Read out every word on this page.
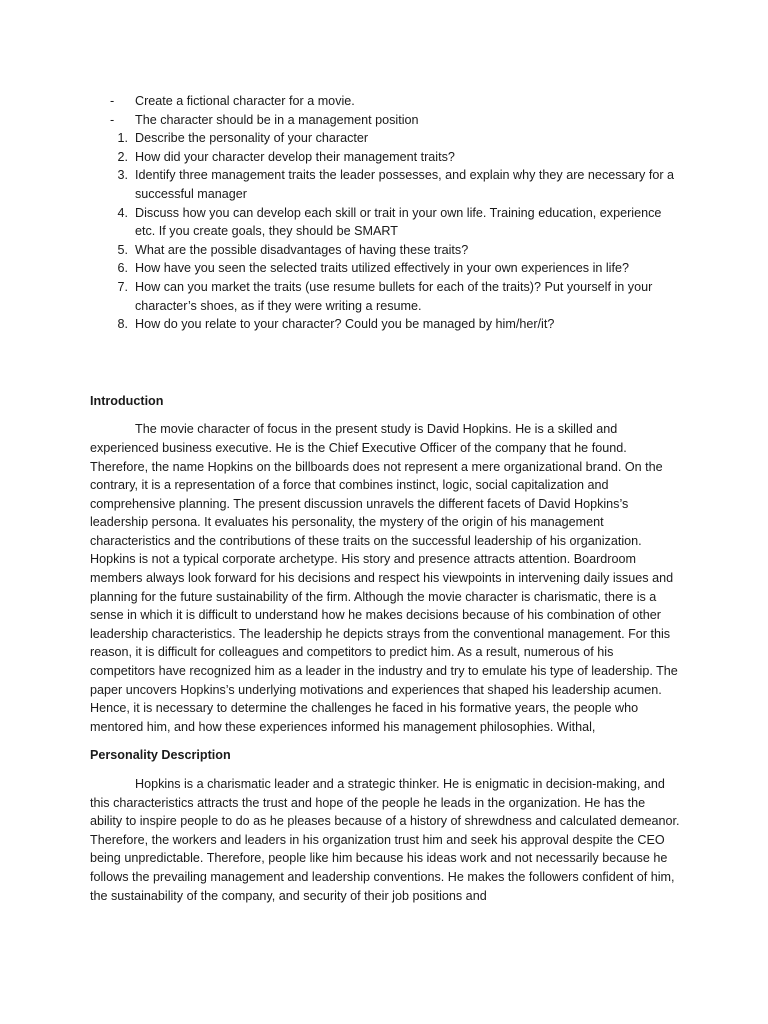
-	Create a fictional character for a movie.
-	The character should be in a management position
1. Describe the personality of your character
2. How did your character develop their management traits?
3. Identify three management traits the leader possesses, and explain why they are necessary for a successful manager
4. Discuss how you can develop each skill or trait in your own life. Training education, experience etc. If you create goals, they should be SMART
5. What are the possible disadvantages of having these traits?
6. How have you seen the selected traits utilized effectively in your own experiences in life?
7. How can you market the traits (use resume bullets for each of the traits)? Put yourself in your character’s shoes, as if they were writing a resume.
8. How do you relate to your character? Could you be managed by him/her/it?
Introduction

The movie character of focus in the present study is David Hopkins. He is a skilled and experienced business executive. He is the Chief Executive Officer of the company that he found. Therefore, the name Hopkins on the billboards does not represent a mere organizational brand. On the contrary, it is a representation of a force that combines instinct, logic, social capitalization and comprehensive planning. The present discussion unravels the different facets of David Hopkins’s leadership persona. It evaluates his personality, the mystery of the origin of his management characteristics and the contributions of these traits on the successful leadership of his organization. Hopkins is not a typical corporate archetype. His story and presence attracts attention. Boardroom members always look forward for his decisions and respect his viewpoints in intervening daily issues and planning for the future sustainability of the firm. Although the movie character is charismatic, there is a sense in which it is difficult to understand how he makes decisions because of his combination of other leadership characteristics. The leadership he depicts strays from the conventional management. For this reason, it is difficult for colleagues and competitors to predict him. As a result, numerous of his competitors have recognized him as a leader in the industry and try to emulate his type of leadership. The paper uncovers Hopkins’s underlying motivations and experiences that shaped his leadership acumen. Hence, it is necessary to determine the challenges he faced in his formative years, the people who mentored him, and how these experiences informed his management philosophies. Withal,

Personality Description

Hopkins is a charismatic leader and a strategic thinker. He is enigmatic in decision-making, and this characteristics attracts the trust and hope of the people he leads in the organization. He has the ability to inspire people to do as he pleases because of a history of shrewdness and calculated demeanor. Therefore, the workers and leaders in his organization trust him and seek his approval despite the CEO being unpredictable. Therefore, people like him because his ideas work and not necessarily because he follows the prevailing management and leadership conventions. He makes the followers confident of him, the sustainability of the company, and security of their job positions and
